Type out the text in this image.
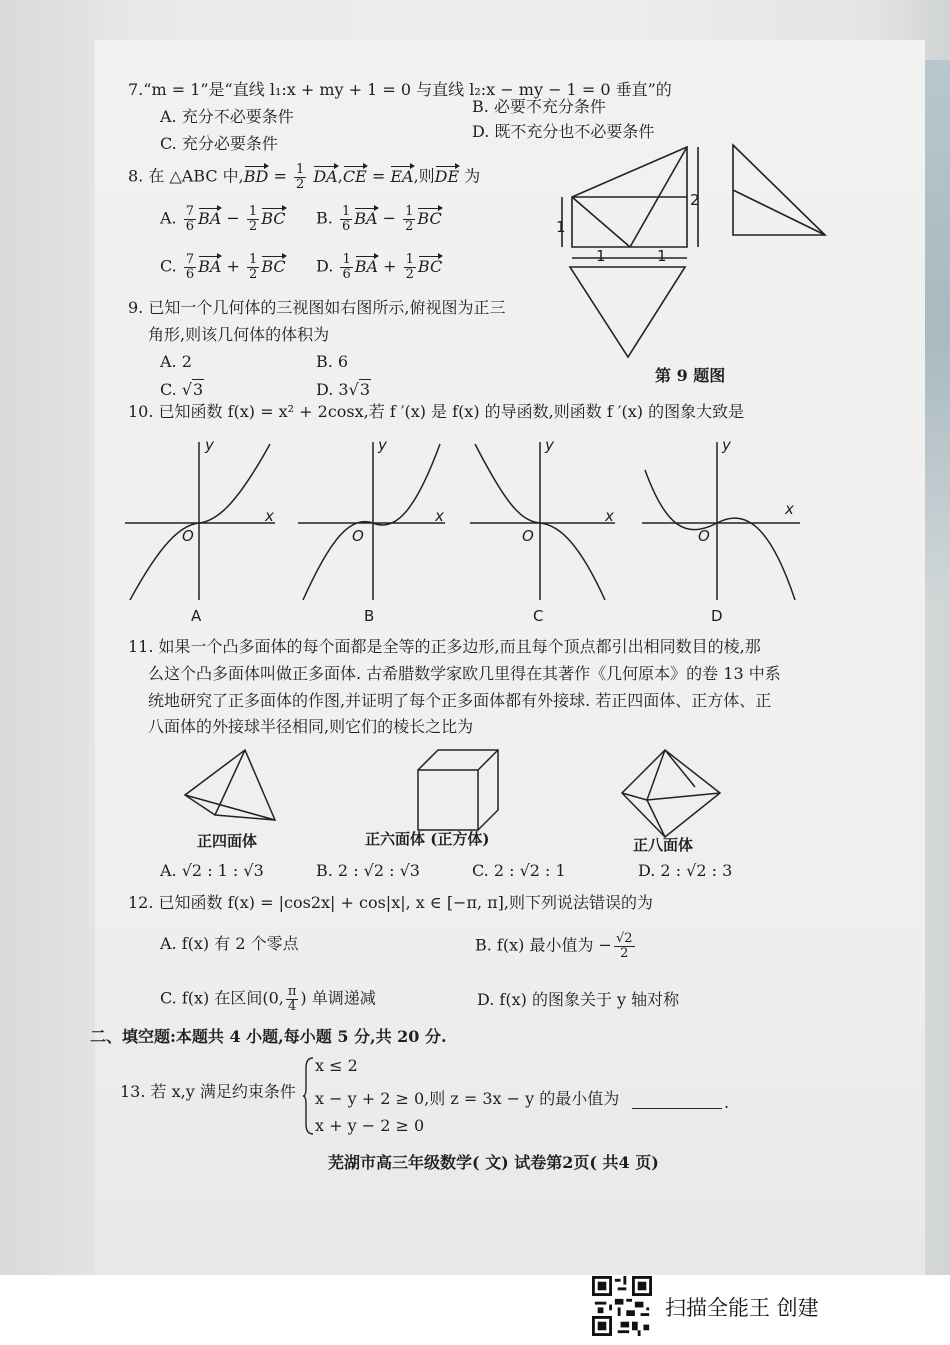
7.“m = 1”是“直线 l₁:x + my + 1 = 0 与直线 l₂:x − my − 1 = 0 垂直”的
A. 充分不必要条件
B. 必要不充分条件
C. 充分必要条件
D. 既不充分也不必要条件
8. 在 △ABC 中$,BD = \frac{1}{2} DA,CE$ = EA,则DE 为
A. $\frac{7}{6}$ BA − $\frac{1}{2}$ BC B. $\frac{1}{6}$ BA − $\frac{1}{2}$ BC
C. $\frac{7}{6}$ BA + $\frac{1}{2}$ BC D. $\frac{1}{6}$ BA + $\frac{1}{2}$ BC
9. 已知一个几何体的三视图如右图所示,俯视图为正三
角形,则该几何体的体积为
A. 2	B. 6
C. √3	D. 3√3
1
1	1
2
第 9 题图
10. 已知函数 f(x) = x² + 2cosx,若 f ′(x) 是 f(x) 的导函数,则函数 f ′(x) 的图象大致是
y
x
O
y
x
O
y
x
O
y
x
O
A	B	C	D
11. 如果一个凸多面体的每个面都是全等的正多边形,而且每个顶点都引出相同数目的棱,那
么这个凸多面体叫做正多面体. 古希腊数学家欧几里得在其著作《几何原本》的卷 13 中系
统地研究了正多面体的作图,并证明了每个正多面体都有外接球. 若正四面体、正方体、正
八面体的外接球半径相同,则它们的棱长之比为
正四面体	正六面体 (正方体)	正八面体
A. √2 : 1 : √3	B. 2 : √2 : √3	C. 2 : √2 : 1	D. 2 : √2 : 3
12. 已知函数 f(x) = |cos2x| + cos|x|, x ∈ [−π, π],则下列说法错误的为
A. f(x) 有 2 个零点	B. f(x) 最小值为 − $\frac{√2}{2}$
C. f(x) 在区间(0, $\frac{\pi}{4}$ ) 单调递减	D. f(x) 的图象关于 y 轴对称
二、填空题:本题共 4 小题,每小题 5 分,共 20 分.
13. 若 x,y 满足约束条件
x ≤ 2
x − y + 2 ≥ 0,则 z = 3x − y 的最小值为
x + y − 2 ≥ 0
.
芜湖市高三年级数学( 文) 试卷第2页( 共4 页)
扫描全能王 创建
